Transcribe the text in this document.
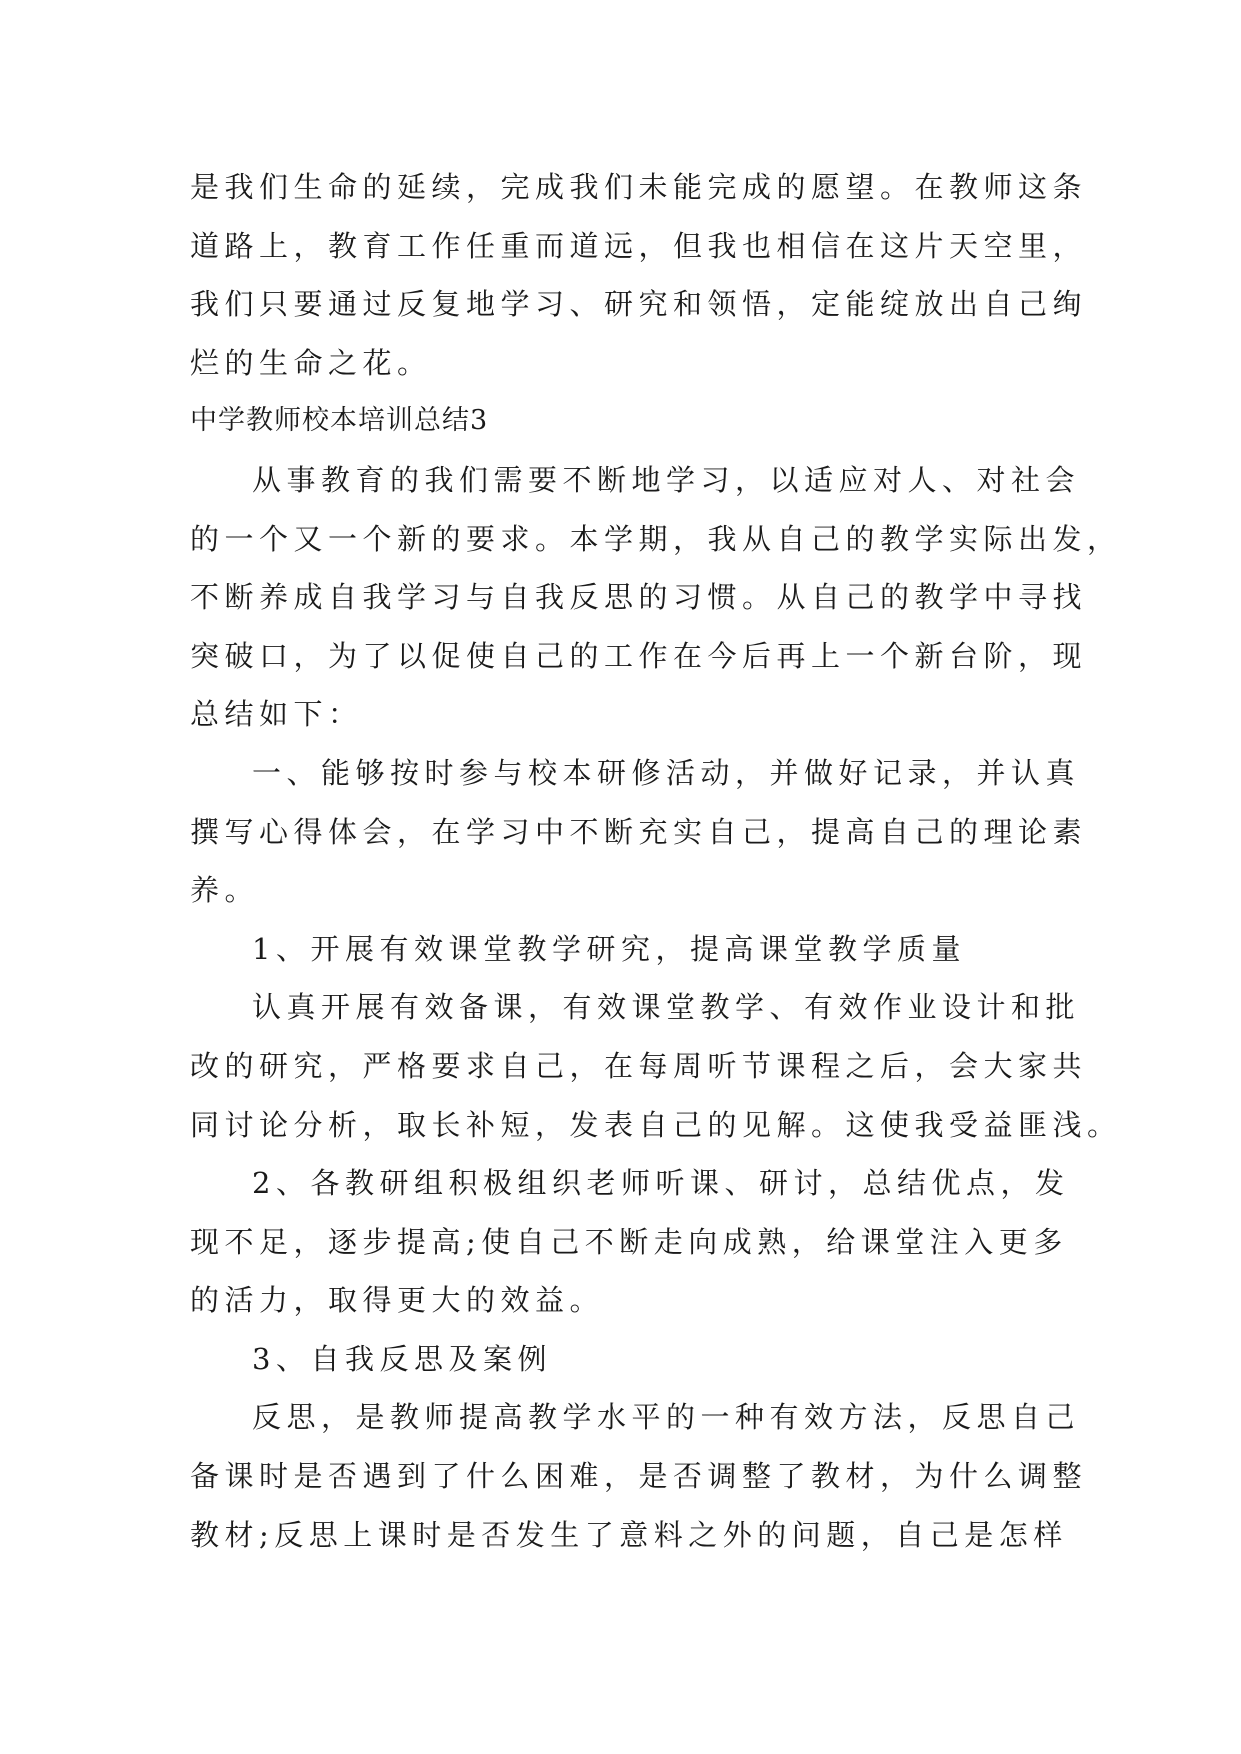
是我们生命的延续，完成我们未能完成的愿望。在教师这条
道路上，教育工作任重而道远，但我也相信在这片天空里，
我们只要通过反复地学习、研究和领悟，定能绽放出自己绚
烂的生命之花。
中学教师校本培训总结3
从事教育的我们需要不断地学习，以适应对人、对社会
的一个又一个新的要求。本学期，我从自己的教学实际出发，
不断养成自我学习与自我反思的习惯。从自己的教学中寻找
突破口，为了以促使自己的工作在今后再上一个新台阶，现
总结如下：
一、能够按时参与校本研修活动，并做好记录，并认真
撰写心得体会，在学习中不断充实自己，提高自己的理论素
养。
1、开展有效课堂教学研究，提高课堂教学质量
认真开展有效备课，有效课堂教学、有效作业设计和批
改的研究，严格要求自己，在每周听节课程之后，会大家共
同讨论分析，取长补短，发表自己的见解。这使我受益匪浅。
2、各教研组积极组织老师听课、研讨，总结优点，发
现不足，逐步提高;使自己不断走向成熟，给课堂注入更多
的活力，取得更大的效益。
3、自我反思及案例
反思，是教师提高教学水平的一种有效方法，反思自己
备课时是否遇到了什么困难，是否调整了教材，为什么调整
教材;反思上课时是否发生了意料之外的问题，自己是怎样
